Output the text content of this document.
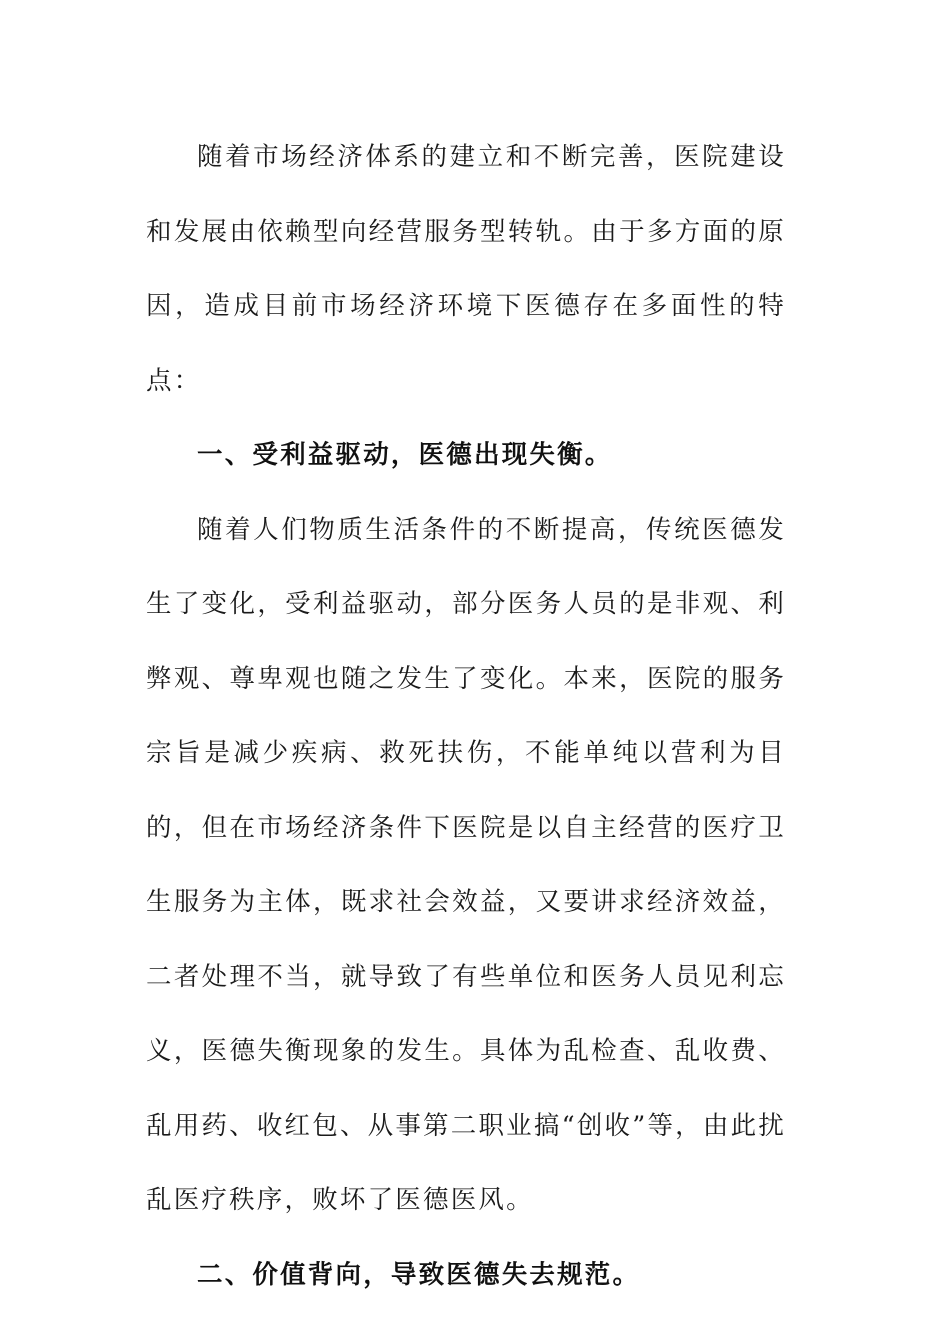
随着市场经济体系的建立和不断完善，医院建设和发展由依赖型向经营服务型转轨。由于多方面的原因，造成目前市场经济环境下医德存在多面性的特点：

一、受利益驱动，医德出现失衡。

随着人们物质生活条件的不断提高，传统医德发生了变化，受利益驱动，部分医务人员的是非观、利弊观、尊卑观也随之发生了变化。本来，医院的服务宗旨是减少疾病、救死扶伤，不能单纯以营利为目的，但在市场经济条件下医院是以自主经营的医疗卫生服务为主体，既求社会效益，又要讲求经济效益，二者处理不当，就导致了有些单位和医务人员见利忘义，医德失衡现象的发生。具体为乱检查、乱收费、乱用药、收红包、从事第二职业搞“创收”等，由此扰乱医疗秩序，败坏了医德医风。

二、价值背向，导致医德失去规范。
